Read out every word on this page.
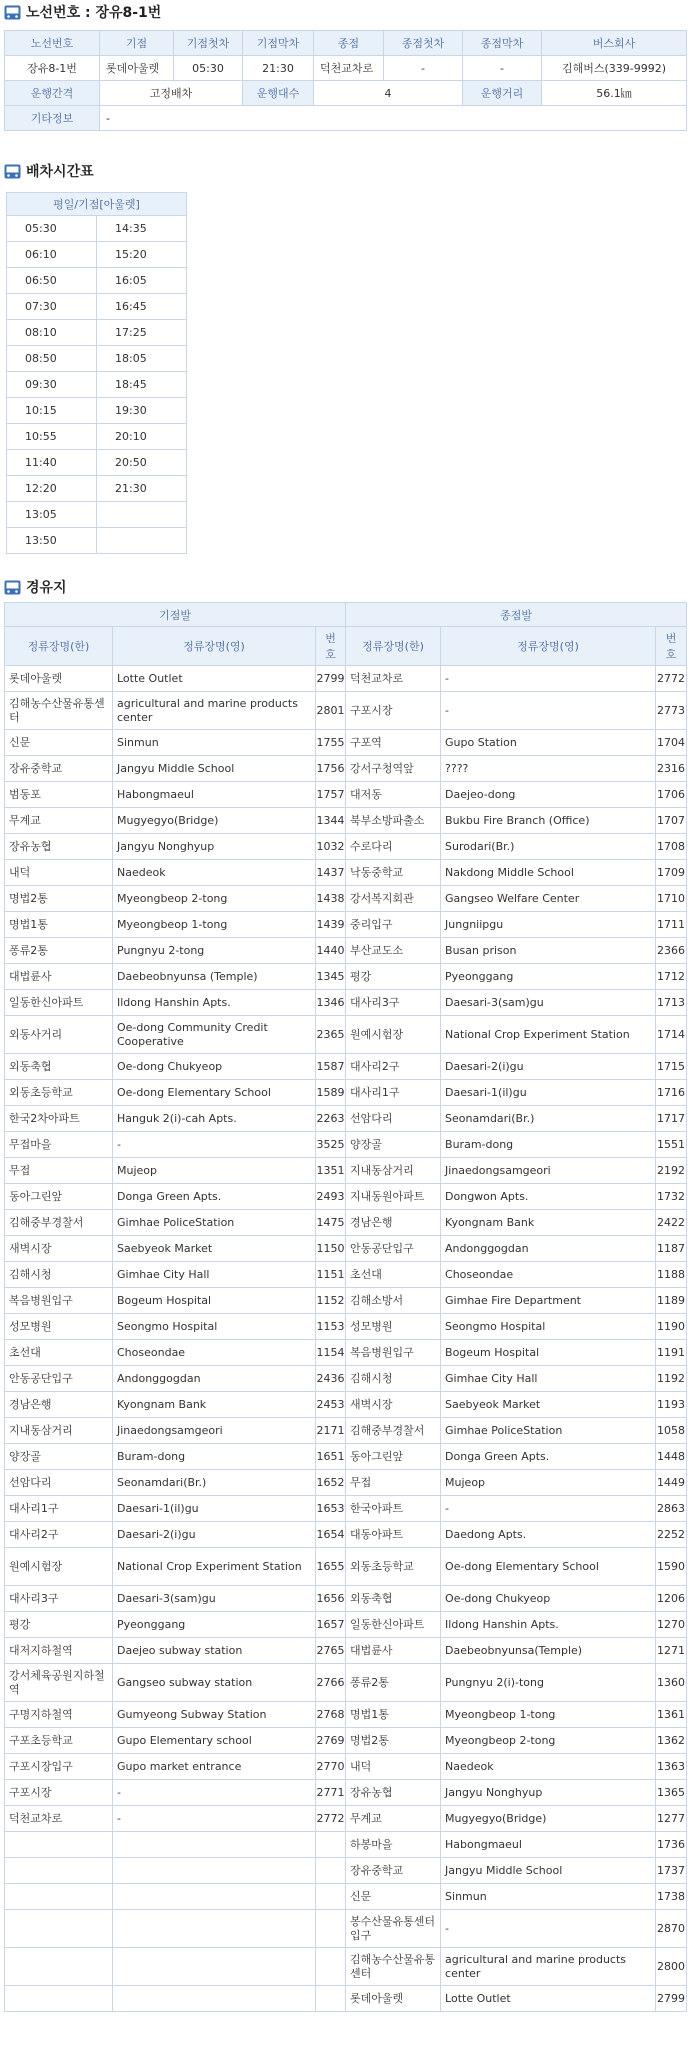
노선번호 : 장유8-1번
노선번호	기점	기점첫차	기점막차	종점	종점첫차	종점막차	버스회사
장유8-1번	롯데아울렛	05:30	21:30	덕천교차로	-	-	김해버스(339-9992)
운행간격	고정배차		운행대수	4		운행거리	56.1㎞
기타정보	-						
배차시간표
평일/기점[아울렛]	
05:30	14:35
06:10	15:20
06:50	16:05
07:30	16:45
08:10	17:25
08:50	18:05
09:30	18:45
10:15	19:30
10:55	20:10
11:40	20:50
12:20	21:30
13:05	
13:50	
경유지
기점발			종점발		
정류장명(한)	정류장명(영)	번호	정류장명(한)	정류장명(영)	번호
롯데아울렛	Lotte Outlet	2799	덕천교차로	-	2772
김해농수산물유통센터	agricultural and marine products center	2801	구포시장	-	2773
신문	Sinmun	1755	구포역	Gupo Station	1704
장유중학교	Jangyu Middle School	1756	강서구청역앞	????	2316
범동포	Habongmaeul	1757	대저동	Daejeo-dong	1706
무계교	Mugyegyo(Bridge)	1344	북부소방파출소	Bukbu Fire Branch (Office)	1707
장유농협	Jangyu Nonghyup	1032	수로다리	Surodari(Br.)	1708
내덕	Naedeok	1437	낙동중학교	Nakdong Middle School	1709
명법2통	Myeongbeop 2-tong	1438	강서복지회관	Gangseo Welfare Center	1710
명법1통	Myeongbeop 1-tong	1439	중리입구	Jungniipgu	1711
퐁류2통	Pungnyu 2-tong	1440	부산교도소	Busan prison	2366
대법륜사	Daebeobnyunsa (Temple)	1345	평강	Pyeonggang	1712
일동한신아파트	Ildong Hanshin Apts.	1346	대사리3구	Daesari-3(sam)gu	1713
외동사거리	Oe-dong Community Credit Cooperative	2365	원예시험장	National Crop Experiment Station	1714
외동축협	Oe-dong Chukyeop	1587	대사리2구	Daesari-2(i)gu	1715
외동초등학교	Oe-dong Elementary School	1589	대사리1구	Daesari-1(il)gu	1716
한국2차아파트	Hanguk 2(i)-cah Apts.	2263	선암다리	Seonamdari(Br.)	1717
무접마을	-	3525	양장골	Buram-dong	1551
무접	Mujeop	1351	지내동삼거리	Jinaedongsamgeori	2192
동아그린앞	Donga Green Apts.	2493	지내동원아파트	Dongwon Apts.	1732
김해중부경찰서	Gimhae PoliceStation	1475	경남은행	Kyongnam Bank	2422
새벽시장	Saebyeok Market	1150	안동공단입구	Andonggogdan	1187
김해시청	Gimhae City Hall	1151	초선대	Choseondae	1188
복음병원입구	Bogeum Hospital	1152	김해소방서	Gimhae Fire Department	1189
성모병원	Seongmo Hospital	1153	성모병원	Seongmo Hospital	1190
초선대	Choseondae	1154	복음병원입구	Bogeum Hospital	1191
안동공단입구	Andonggogdan	2436	김해시청	Gimhae City Hall	1192
경남은행	Kyongnam Bank	2453	새벽시장	Saebyeok Market	1193
지내동삼거리	Jinaedongsamgeori	2171	김해중부경찰서	Gimhae PoliceStation	1058
양장골	Buram-dong	1651	동아그린앞	Donga Green Apts.	1448
선암다리	Seonamdari(Br.)	1652	무접	Mujeop	1449
대사리1구	Daesari-1(il)gu	1653	한국아파트	-	2863
대사리2구	Daesari-2(i)gu	1654	대동아파트	Daedong Apts.	2252
원예시험장	National Crop Experiment Station	1655	외동초등학교	Oe-dong Elementary School	1590
대사리3구	Daesari-3(sam)gu	1656	외동축협	Oe-dong Chukyeop	1206
평강	Pyeonggang	1657	일동한신아파트	Ildong Hanshin Apts.	1270
대저지하철역	Daejeo subway station	2765	대법륜사	Daebeobnyunsa(Temple)	1271
강서체육공원지하철역	Gangseo subway station	2766	퐁류2통	Pungnyu 2(i)-tong	1360
구명지하철역	Gumyeong Subway Station	2768	명법1통	Myeongbeop 1-tong	1361
구포초등학교	Gupo Elementary school	2769	명법2통	Myeongbeop 2-tong	1362
구포시장입구	Gupo market entrance	2770	내덕	Naedeok	1363
구포시장	-	2771	장유농협	Jangyu Nonghyup	1365
덕천교차로	-	2772	무계교	Mugyegyo(Bridge)	1277
			하봉마을	Habongmaeul	1736
			장유중학교	Jangyu Middle School	1737
			신문	Sinmun	1738
			봉수산물유통센터입구	-	2870
			김해농수산물유통센터	agricultural and marine products center	2800
			롯데아울렛	Lotte Outlet	2799
